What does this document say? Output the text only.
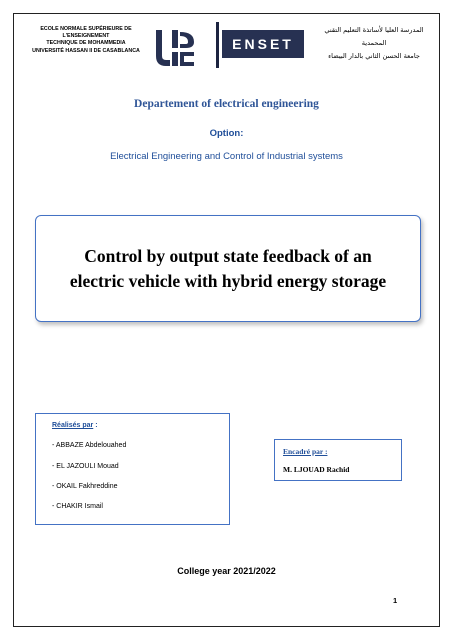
ECOLE NORMALE SUPÉRIEURE DE
L'ENSEIGNEMENT
TECHNIQUE DE MOHAMMEDIA
UNIVERSITÉ HASSAN II DE CASABLANCA	ENSET
المدرسة العليا لأساتذة التعليم التقني
المحمدية
جامعة الحسن الثاني بالدار البيضاء
Departement of electrical engineering
Option:
Electrical Engineering and Control of Industrial systems
Control by output state feedback of an
electric vehicle with hybrid energy storage
Réalisés par :
- ABBAZE Abdelouahed
- EL JAZOULI Mouad
- OKAIL Fakhreddine
- CHAKIR Ismail
Encadré par :
M. LJOUAD Rachid
College year 2021/2022
1
